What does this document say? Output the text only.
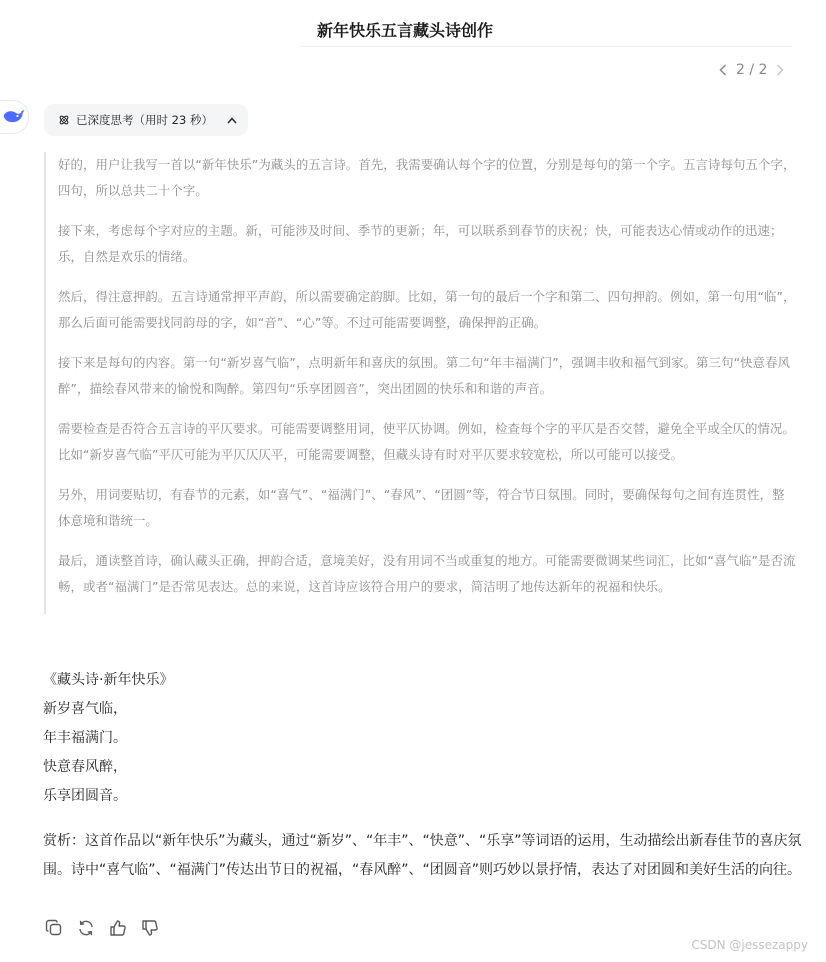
新年快乐五言藏头诗创作
2 / 2
已深度思考（用时 23 秒）

好的，用户让我写一首以“新年快乐”为藏头的五言诗。首先，我需要确认每个字的位置，分别是每句的第一个字。五言诗每句五个字，四句，所以总共二十个字。

接下来，考虑每个字对应的主题。新，可能涉及时间、季节的更新；年，可以联系到春节的庆祝；快，可能表达心情或动作的迅速；乐，自然是欢乐的情绪。

然后，得注意押韵。五言诗通常押平声韵，所以需要确定韵脚。比如，第一句的最后一个字和第二、四句押韵。例如，第一句用“临”，那么后面可能需要找同韵母的字，如“音”、“心”等。不过可能需要调整，确保押韵正确。

接下来是每句的内容。第一句“新岁喜气临”，点明新年和喜庆的氛围。第二句“年丰福满门”，强调丰收和福气到家。第三句“快意春风醉”，描绘春风带来的愉悦和陶醉。第四句“乐享团圆音”，突出团圆的快乐和和谐的声音。

需要检查是否符合五言诗的平仄要求。可能需要调整用词，使平仄协调。例如，检查每个字的平仄是否交替，避免全平或全仄的情况。比如“新岁喜气临”平仄可能为平仄仄仄平，可能需要调整，但藏头诗有时对平仄要求较宽松，所以可能可以接受。

另外，用词要贴切，有春节的元素，如“喜气”、“福满门”、“春风”、“团圆”等，符合节日氛围。同时，要确保每句之间有连贯性，整体意境和谐统一。

最后，通读整首诗，确认藏头正确，押韵合适，意境美好，没有用词不当或重复的地方。可能需要微调某些词汇，比如“喜气临”是否流畅，或者“福满门”是否常见表达。总的来说，这首诗应该符合用户的要求，简洁明了地传达新年的祝福和快乐。

《藏头诗·新年快乐》
新岁喜气临，
年丰福满门。
快意春风醉，
乐享团圆音。
赏析：这首作品以“新年快乐”为藏头，通过“新岁”、“年丰”、“快意”、“乐享”等词语的运用，生动描绘出新春佳节的喜庆氛围。诗中“喜气临”、“福满门”传达出节日的祝福，“春风醉”、“团圆音”则巧妙以景抒情，表达了对团圆和美好生活的向往。
CSDN @jessezappy
